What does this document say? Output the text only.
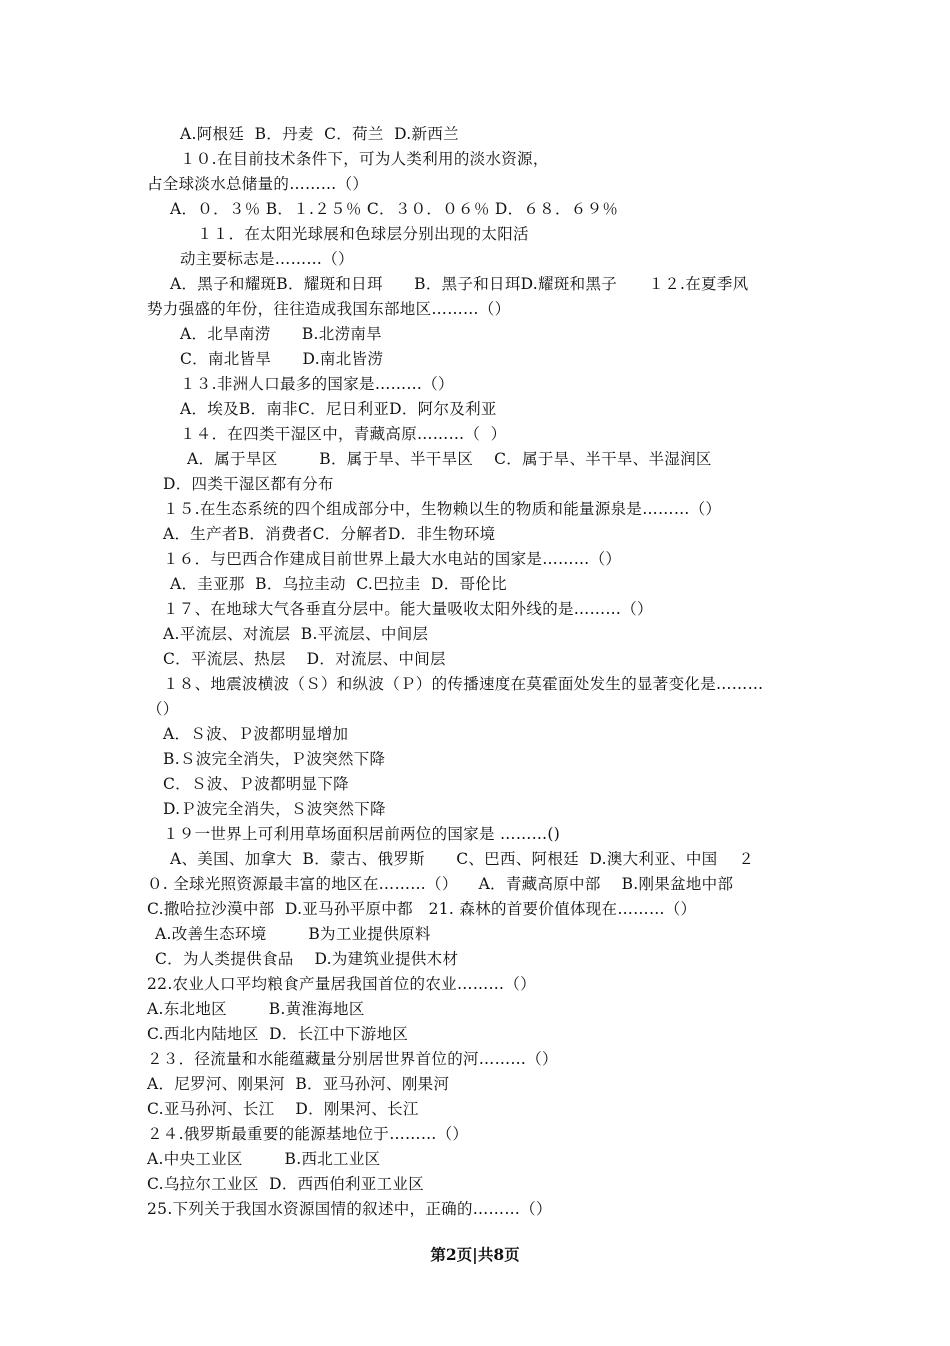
A.阿根廷  B．丹麦  C．荷兰  D.新西兰
１０.在目前技术条件下，可为人类利用的淡水资源，
占全球淡水总储量的………（）
A．０．３％ B．１.２５％ C．３０．０６％ D．６８．６９％
１１．在太阳光球展和色球层分别出现的太阳活
动主要标志是………（）
A．黑子和耀斑B．耀斑和日珥      B．黑子和日珥D.耀斑和黑子      １２.在夏季风
势力强盛的年份，往往造成我国东部地区………（）
A．北旱南涝      B.北涝南旱
C．南北皆旱      D.南北皆涝
１３.非洲人口最多的国家是………（）
A．埃及B．南非C．尼日利亚D．阿尔及利亚
１４．在四类干湿区中，青藏高原………（  ）
A．属于旱区        B．属于旱、半干旱区    C．属于旱、半干旱、半湿润区
D．四类干湿区都有分布
１５.在生态系统的四个组成部分中，生物赖以生的物质和能量源泉是………（）
A．生产者B．消费者C．分解者D．非生物环境
１６．与巴西合作建成目前世界上最大水电站的国家是………（）
A．圭亚那  B．乌拉圭动  C.巴拉圭  D．哥伦比
１７、在地球大气各垂直分层中。能大量吸收太阳外线的是………（）
A.平流层、对流层  B.平流层、中间层
C．平流层、热层    D．对流层、中间层
１８、地震波横波（Ｓ）和纵波（Ｐ）的传播速度在莫霍面处发生的显著变化是………
（）
A．Ｓ波、Ｐ波都明显增加
B.Ｓ波完全消失，Ｐ波突然下降
C．Ｓ波、Ｐ波都明显下降
D.Ｐ波完全消失，Ｓ波突然下降
１９一世界上可利用草场面积居前两位的国家是 ………()
A、美国、加拿大  B．蒙古、俄罗斯      C、巴西、阿根廷  D.澳大利亚、中国    ２
０. 全球光照资源最丰富的地区在………（）    A．青藏高原中部    B.刚果盆地中部
C.撒哈拉沙漠中部  D.亚马孙平原中都   21. 森林的首要价值体现在………（）
A.改善生态环境        B为工业提供原料
C．为人类提供食品    D.为建筑业提供木材
22.农业人口平均粮食产量居我国首位的农业………（）
A.东北地区        B.黄淮海地区
C.西北内陆地区  D．长江中下游地区
２３．径流量和水能蕴藏量分别居世界首位的河………（）
A．尼罗河、刚果河  B．亚马孙河、刚果河
C.亚马孙河、长江    D．刚果河、长江
２４.俄罗斯最重要的能源基地位于………（）
A.中央工业区        B.西北工业区
C.乌拉尔工业区  D．西西伯利亚工业区
25.下列关于我国水资源国情的叙述中，正确的………（）
第2页|共8页
